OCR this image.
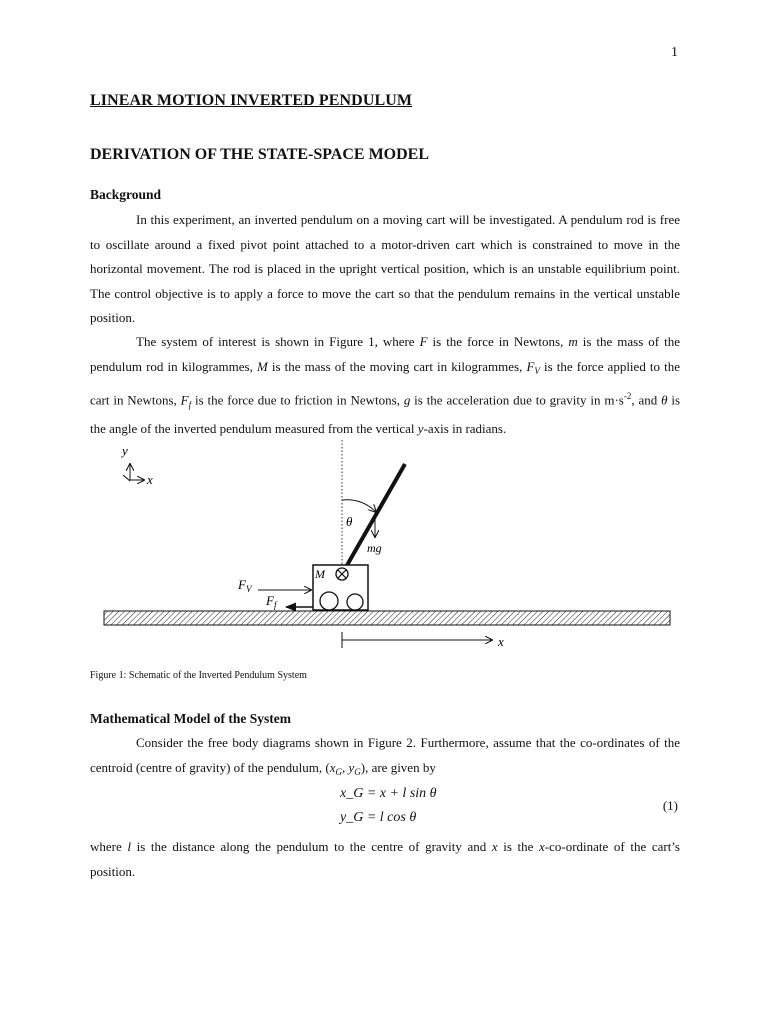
1
LINEAR MOTION INVERTED PENDULUM
DERIVATION OF THE STATE-SPACE MODEL
Background

In this experiment, an inverted pendulum on a moving cart will be investigated. A pendulum rod is free to oscillate around a fixed pivot point attached to a motor-driven cart which is constrained to move in the horizontal movement. The rod is placed in the upright vertical position, which is an unstable equilibrium point. The control objective is to apply a force to move the cart so that the pendulum remains in the vertical unstable position.

The system of interest is shown in Figure 1, where F is the force in Newtons, m is the mass of the pendulum rod in kilogrammes, M is the mass of the moving cart in kilogrammes, $F_V$ is the force applied to the cart in Newtons, $F_f$ is the force due to friction in Newtons, g is the acceleration due to gravity in $m\cdot s^{-2}$, and θ is the angle of the inverted pendulum measured from the vertical y-axis in radians.

y
x
θ
mg
M
$F_V$
$F_f$
x
Figure 1: Schematic of the Inverted Pendulum System
Mathematical Model of the System

Consider the free body diagrams shown in Figure 2. Furthermore, assume that the co-ordinates of the centroid (centre of gravity) of the pendulum, ($x_G$, $y_G$), are given by

x_G = x + l sin θ
y_G = l cos θ
(1)

where l is the distance along the pendulum to the centre of gravity and x is the x-co-ordinate of the cart’s position.
